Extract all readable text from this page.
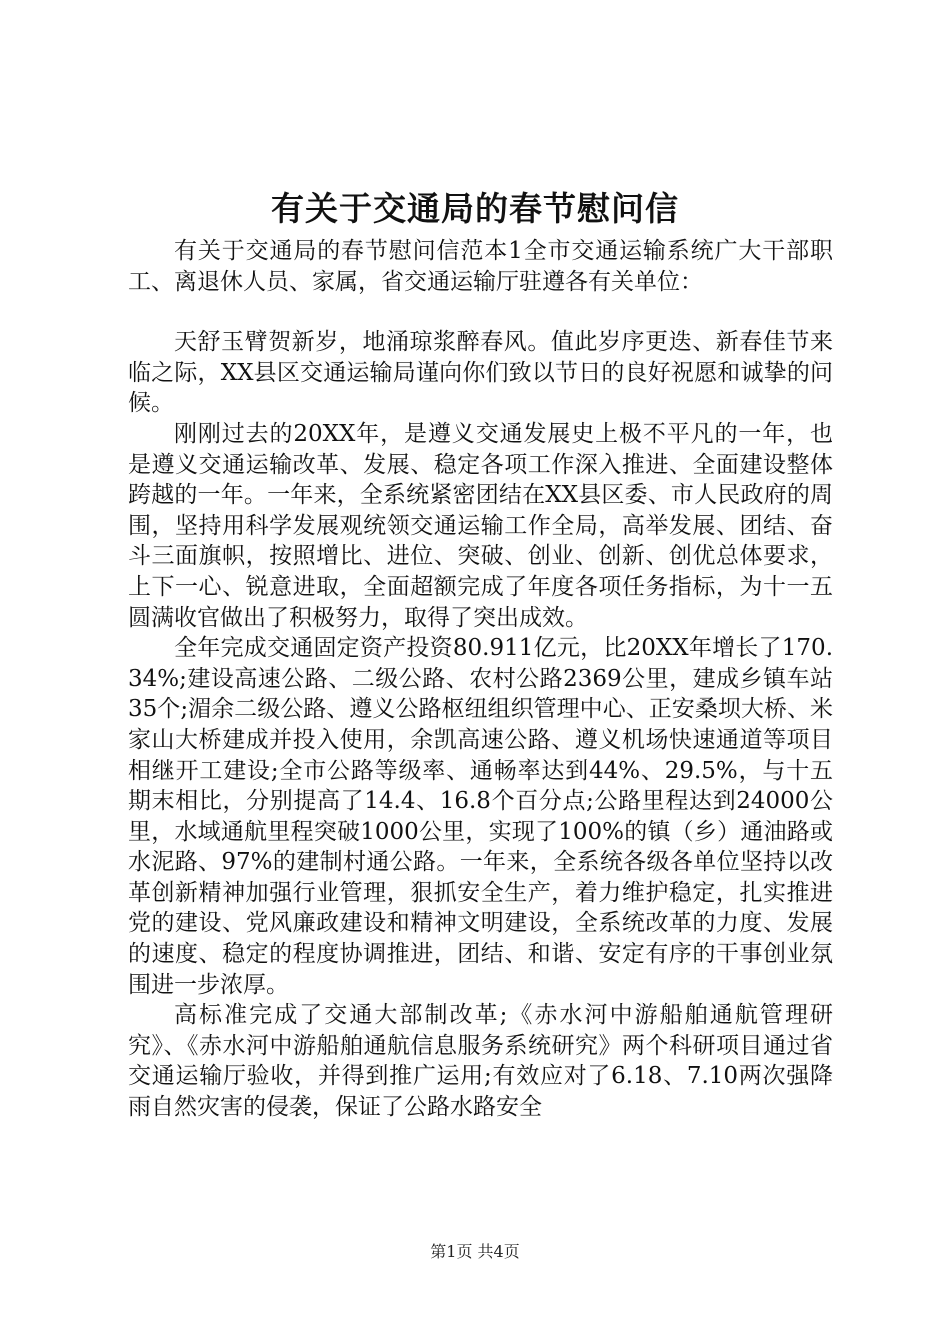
有关于交通局的春节慰问信

有关于交通局的春节慰问信范本1全市交通运输系统广大干部职工、离退休人员、家属，省交通运输厅驻遵各有关单位：

天舒玉臂贺新岁，地涌琼浆醉春风。值此岁序更迭、新春佳节来临之际，XX县区交通运输局谨向你们致以节日的良好祝愿和诚挚的问候。

刚刚过去的20XX年，是遵义交通发展史上极不平凡的一年，也是遵义交通运输改革、发展、稳定各项工作深入推进、全面建设整体跨越的一年。一年来，全系统紧密团结在XX县区委、市人民政府的周围，坚持用科学发展观统领交通运输工作全局，高举发展、团结、奋斗三面旗帜，按照增比、进位、突破、创业、创新、创优总体要求，上下一心、锐意进取，全面超额完成了年度各项任务指标，为十一五圆满收官做出了积极努力，取得了突出成效。

全年完成交通固定资产投资80.911亿元，比20XX年增长了170.34%;建设高速公路、二级公路、农村公路2369公里，建成乡镇车站35个;湄余二级公路、遵义公路枢纽组织管理中心、正安桑坝大桥、米家山大桥建成并投入使用，余凯高速公路、遵义机场快速通道等项目相继开工建设;全市公路等级率、通畅率达到44%、29.5%，与十五期末相比，分别提高了14.4、16.8个百分点;公路里程达到24000公里，水域通航里程突破1000公里，实现了100%的镇（乡）通油路或水泥路、97%的建制村通公路。一年来，全系统各级各单位坚持以改革创新精神加强行业管理，狠抓安全生产，着力维护稳定，扎实推进党的建设、党风廉政建设和精神文明建设，全系统改革的力度、发展的速度、稳定的程度协调推进，团结、和谐、安定有序的干事创业氛围进一步浓厚。

高标准完成了交通大部制改革;《赤水河中游船舶通航管理研究》、《赤水河中游船舶通航信息服务系统研究》两个科研项目通过省交通运输厅验收，并得到推广运用;有效应对了6.18、7.10两次强降雨自然灾害的侵袭，保证了公路水路安全

第1页 共4页
